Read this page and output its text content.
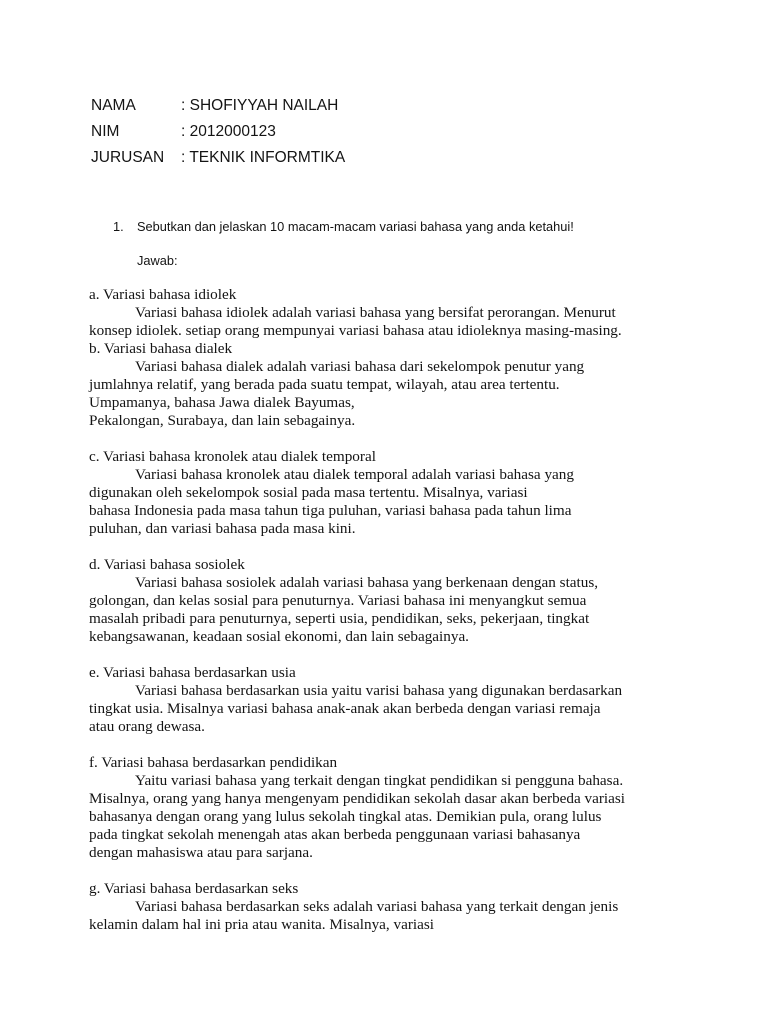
NAMA	: SHOFIYYAH NAILAH
NIM	: 2012000123
JURUSAN : TEKNIK INFORMTIKA
1. Sebutkan dan jelaskan 10 macam-macam variasi bahasa yang anda ketahui!
Jawab:
a. Variasi bahasa idiolek
Variasi bahasa idiolek adalah variasi bahasa yang bersifat perorangan. Menurut
konsep idiolek. setiap orang mempunyai variasi bahasa atau idioleknya masing-masing.
b. Variasi bahasa dialek
Variasi bahasa dialek adalah variasi bahasa dari sekelompok penutur yang
jumlahnya relatif, yang berada pada suatu tempat, wilayah, atau area tertentu.
Umpamanya, bahasa Jawa dialek Bayumas,
Pekalongan, Surabaya, dan lain sebagainya.
c. Variasi bahasa kronolek atau dialek temporal
Variasi bahasa kronolek atau dialek temporal adalah variasi bahasa yang
digunakan oleh sekelompok sosial pada masa tertentu. Misalnya, variasi
bahasa Indonesia pada masa tahun tiga puluhan, variasi bahasa pada tahun lima
puluhan, dan variasi bahasa pada masa kini.
d. Variasi bahasa sosiolek
Variasi bahasa sosiolek adalah variasi bahasa yang berkenaan dengan status,
golongan, dan kelas sosial para penuturnya. Variasi bahasa ini menyangkut semua
masalah pribadi para penuturnya, seperti usia, pendidikan, seks, pekerjaan, tingkat
kebangsawanan, keadaan sosial ekonomi, dan lain sebagainya.
e. Variasi bahasa berdasarkan usia
Variasi bahasa berdasarkan usia yaitu varisi bahasa yang digunakan berdasarkan
tingkat usia. Misalnya variasi bahasa anak-anak akan berbeda dengan variasi remaja
atau orang dewasa.
f. Variasi bahasa berdasarkan pendidikan
Yaitu variasi bahasa yang terkait dengan tingkat pendidikan si pengguna bahasa.
Misalnya, orang yang hanya mengenyam pendidikan sekolah dasar akan berbeda variasi
bahasanya dengan orang yang lulus sekolah tingkal atas. Demikian pula, orang lulus
pada tingkat sekolah menengah atas akan berbeda penggunaan variasi bahasanya
dengan mahasiswa atau para sarjana.
g. Variasi bahasa berdasarkan seks
Variasi bahasa berdasarkan seks adalah variasi bahasa yang terkait dengan jenis
kelamin dalam hal ini pria atau wanita. Misalnya, variasi
